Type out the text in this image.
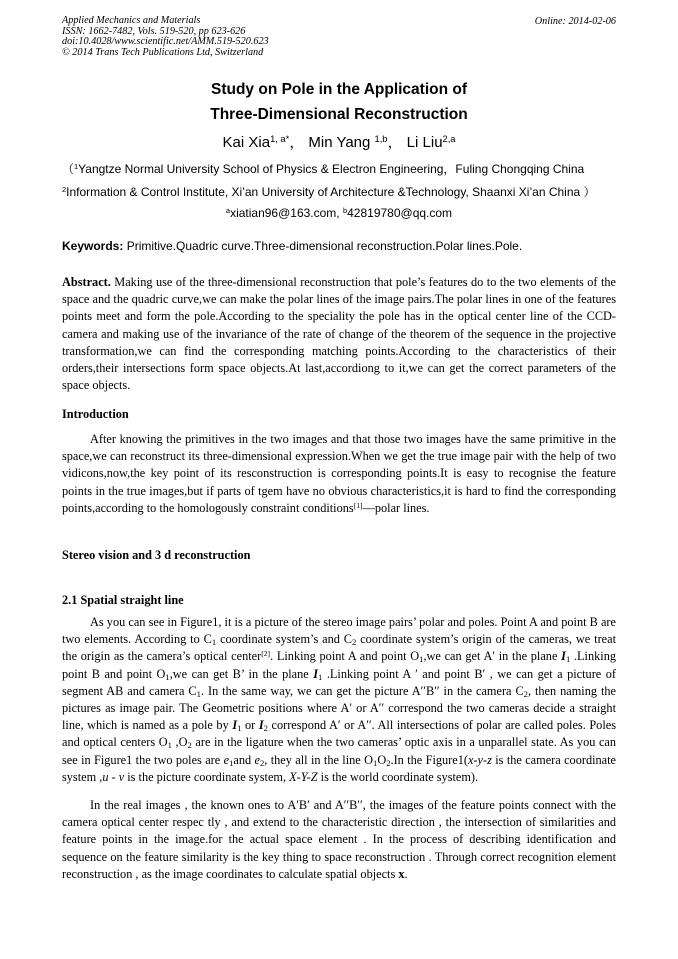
Applied Mechanics and Materials
ISSN: 1662-7482, Vols. 519-520, pp 623-626
doi:10.4028/www.scientific.net/AMM.519-520.623
© 2014 Trans Tech Publications Ltd, Switzerland
Online: 2014-02-06
Study on Pole in the Application of
Three-Dimensional Reconstruction
Kai Xia$^{1, a*}$， Min Yang $^{1,b}$， Li Liu$^{2,a}$
（$^1$Yangtze Normal University School of Physics & Electron Engineering，Fuling Chongqing China
$^2$Information & Control Institute, Xi’an University of Architecture &Technology, Shaanxi Xi’an China ）
$^a$xiatian96@163.com, $^b$42819780@qq.com
Keywords: Primitive.Quadric curve.Three-dimensional reconstruction.Polar lines.Pole.
Abstract. Making use of the three-dimensional reconstruction that pole’s features do to the two elements of the space and the quadric curve,we can make the polar lines of the image pairs.The polar lines in one of the features points meet and form the pole.According to the speciality the pole has in the optical center line of the CCD-camera and making use of the invariance of the rate of change of the theorem of the sequence in the projective transformation,we can find the corresponding matching points.According to the characteristics of their orders,their intersections form space objects.At last,accordiong to it,we can get the correct parameters of the space objects.
Introduction
After knowing the primitives in the two images and that those two images have the same primitive in the space,we can reconstruct its three-dimensional expression.When we get the true image pair with the help of two vidicons,now,the key point of its resconstruction is corresponding points.It is easy to recognise the feature points in the true images,but if parts of tgem have no obvious characteristics,it is hard to find the corresponding points,according to the homologously constraint conditions[1]—polar lines.
Stereo vision and 3 d reconstruction
2.1 Spatial straight line
As you can see in Figure1, it is a picture of the stereo image pairs’ polar and poles. Point A and point B are two elements. According to $C_1$ coordinate system’s and $C_2$ coordinate system’s origin of the cameras, we treat the origin as the camera’s optical center[2]. Linking point A and point $O_1,we$ can get A′ in the plane $I_1$ .Linking point B and point $O_1,we$ can get B’ in the plane $I_1$ .Linking point A ′ and point B′ , we can get a picture of segment AB and camera $C_1$. In the same way, we can get the picture A′′B′′ in the camera $C_2$, then naming the pictures as image pair. The Geometric positions where A′ or A′′ correspond the two cameras decide a straight line, which is named as a pole by $I_1$ or $I_2$ correspond A′ or A′′. All intersections of polar are called poles. Poles and optical centers $O_1$ $,O_2$ are in the ligature when the two cameras’ optic axis in a unparallel state. As you can see in Figure1 the two poles are $e_1and$ $e_2$, they all in the line $O_1O_2.In$ the Figure1(x-y-z is the camera coordinate system ,u - v is the picture coordinate system, X-Y-Z is the world coordinate system).
In the real images , the known ones to A′B′ and A′′B′′, the images of the feature points connect with the camera optical center respec tly , and extend to the characteristic direction , the intersection of similarities and feature points in the image.for the actual space element . In the process of describing identification and sequence on the feature similarity is the key thing to space reconstruction . Through correct recognition element reconstruction , as the image coordinates to calculate spatial objects x.
